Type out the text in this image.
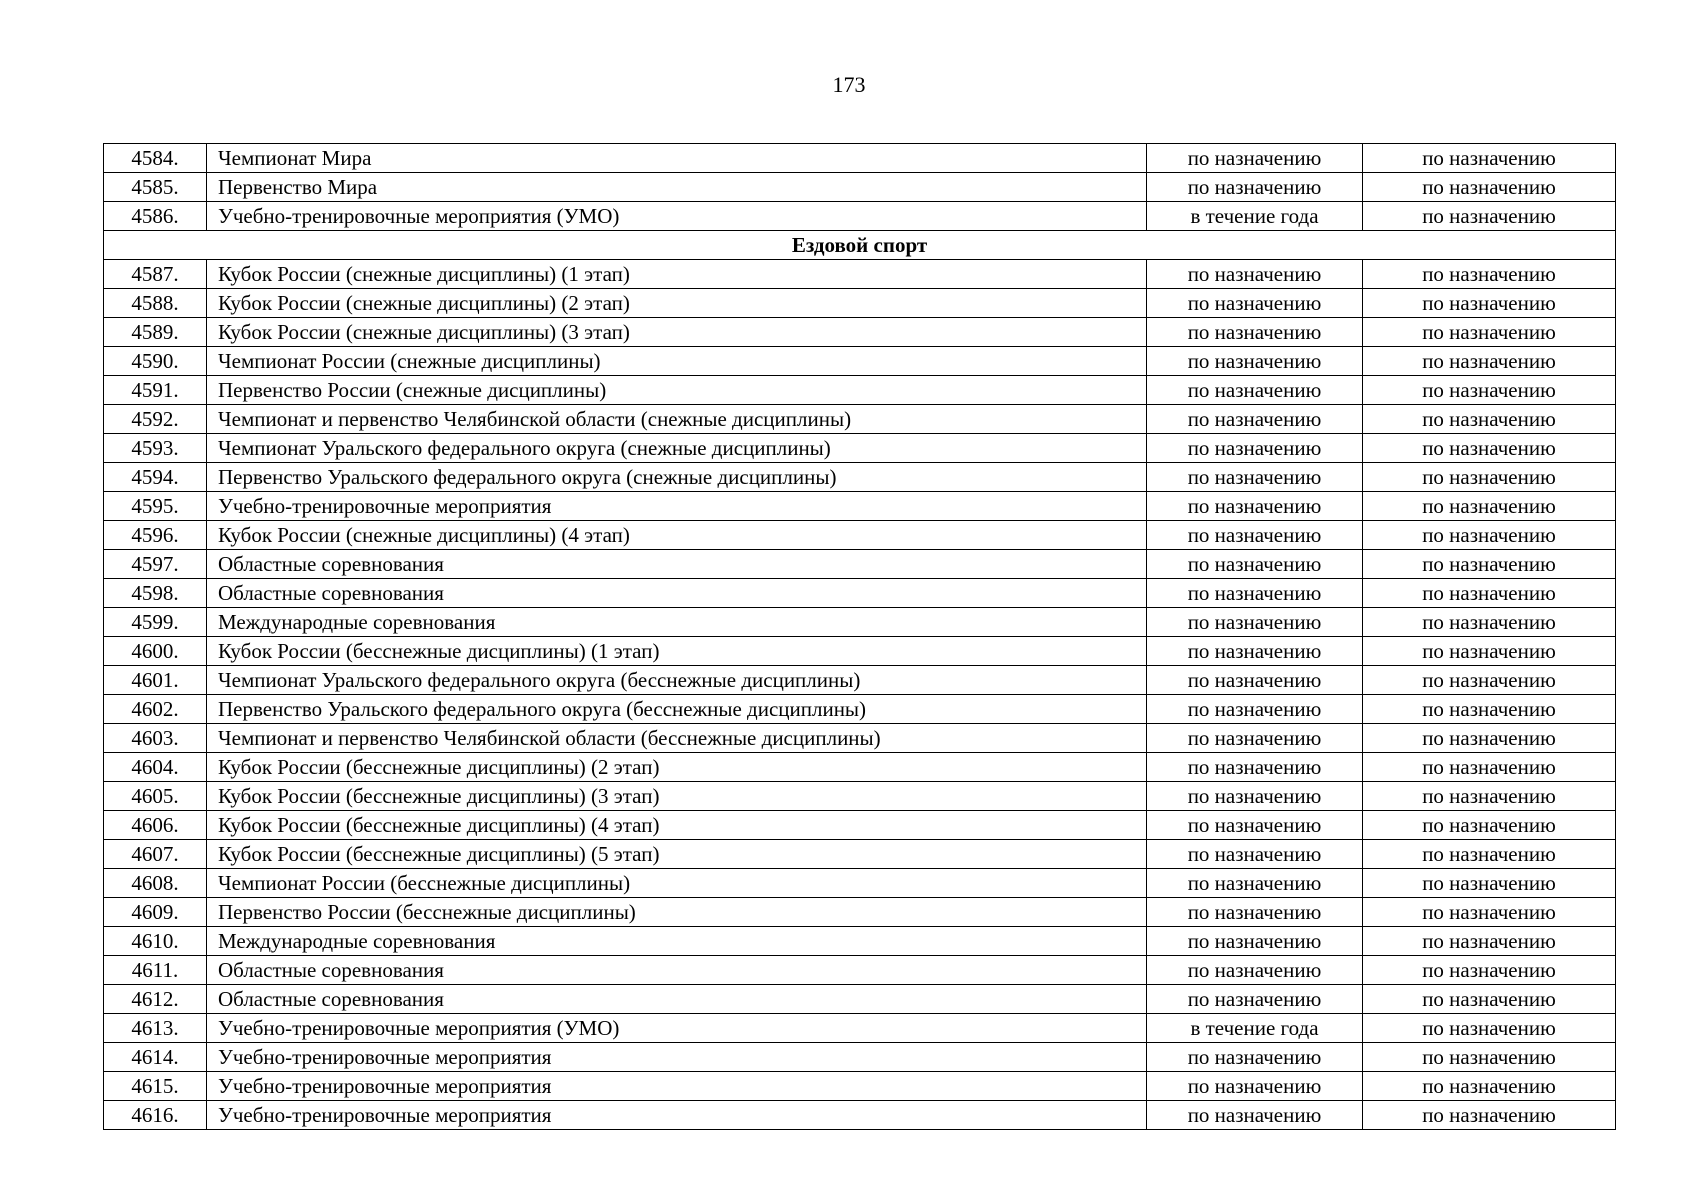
173
4584.	Чемпионат Мира	по назначению	по назначению
4585.	Первенство Мира	по назначению	по назначению
4586.	Учебно-тренировочные мероприятия (УМО)	в течение года	по назначению
Ездовой спорт			
4587.	Кубок России (снежные дисциплины) (1 этап)	по назначению	по назначению
4588.	Кубок России (снежные дисциплины) (2 этап)	по назначению	по назначению
4589.	Кубок России (снежные дисциплины) (3 этап)	по назначению	по назначению
4590.	Чемпионат России (снежные дисциплины)	по назначению	по назначению
4591.	Первенство России (снежные дисциплины)	по назначению	по назначению
4592.	Чемпионат и первенство Челябинской области (снежные дисциплины)	по назначению	по назначению
4593.	Чемпионат Уральского федерального округа (снежные дисциплины)	по назначению	по назначению
4594.	Первенство Уральского федерального округа (снежные дисциплины)	по назначению	по назначению
4595.	Учебно-тренировочные мероприятия	по назначению	по назначению
4596.	Кубок России (снежные дисциплины) (4 этап)	по назначению	по назначению
4597.	Областные соревнования	по назначению	по назначению
4598.	Областные соревнования	по назначению	по назначению
4599.	Международные соревнования	по назначению	по назначению
4600.	Кубок России (бесснежные дисциплины) (1 этап)	по назначению	по назначению
4601.	Чемпионат Уральского федерального округа (бесснежные дисциплины)	по назначению	по назначению
4602.	Первенство Уральского федерального округа (бесснежные дисциплины)	по назначению	по назначению
4603.	Чемпионат и первенство Челябинской области (бесснежные дисциплины)	по назначению	по назначению
4604.	Кубок России (бесснежные дисциплины) (2 этап)	по назначению	по назначению
4605.	Кубок России (бесснежные дисциплины) (3 этап)	по назначению	по назначению
4606.	Кубок России (бесснежные дисциплины) (4 этап)	по назначению	по назначению
4607.	Кубок России (бесснежные дисциплины) (5 этап)	по назначению	по назначению
4608.	Чемпионат России (бесснежные дисциплины)	по назначению	по назначению
4609.	Первенство России (бесснежные дисциплины)	по назначению	по назначению
4610.	Международные соревнования	по назначению	по назначению
4611.	Областные соревнования	по назначению	по назначению
4612.	Областные соревнования	по назначению	по назначению
4613.	Учебно-тренировочные мероприятия (УМО)	в течение года	по назначению
4614.	Учебно-тренировочные мероприятия	по назначению	по назначению
4615.	Учебно-тренировочные мероприятия	по назначению	по назначению
4616.	Учебно-тренировочные мероприятия	по назначению	по назначению
